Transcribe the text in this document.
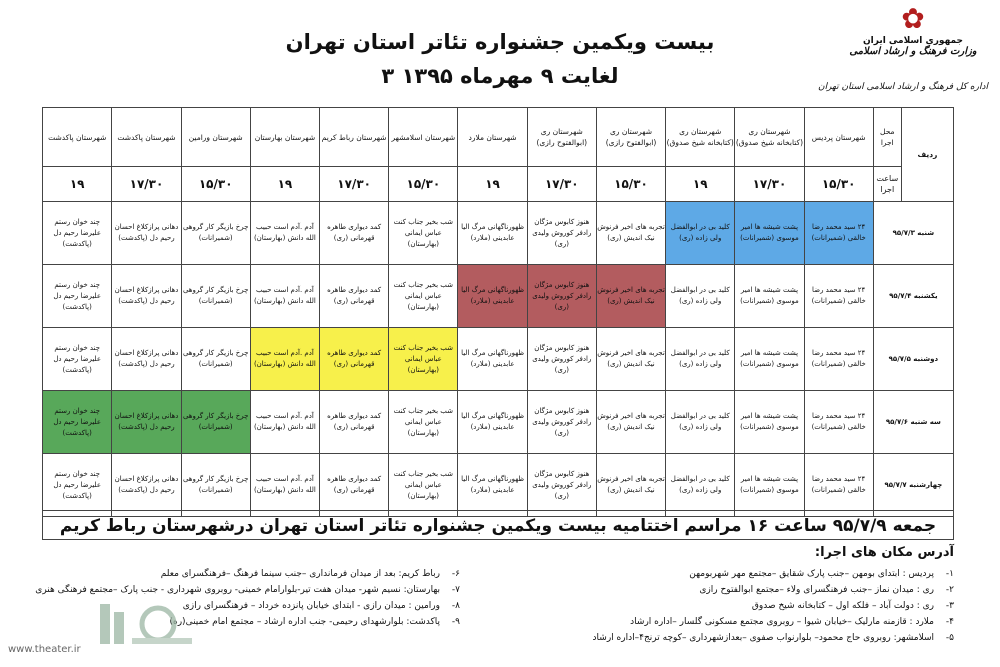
✿
جمهوری اسلامی ایران
وزارت فرهنگ و ارشاد اسلامی
اداره کل فرهنگ و ارشاد اسلامی استان تهران
بیست ویکمین جشنواره تئاتر استان تهران
۳ لغایت ۹ مهرماه ۱۳۹۵
ردیف	محل اجرا	شهرستان پردیس	شهرستان ری (کتابخانه شیخ صدوق)	شهرستان ری (کتابخانه شیخ صدوق)	شهرستان ری (ابوالفتوح رازی)	شهرستان ری (ابوالفتوح رازی)	شهرستان ملارد	شهرستان اسلامشهر	شهرستان رباط کریم	شهرستان بهارستان	شهرستان ورامین	شهرستان پاکدشت	شهرستان پاکدشت
	ساعت اجرا	۱۵/۳۰	۱۷/۳۰	۱۹	۱۵/۳۰	۱۷/۳۰	۱۹	۱۵/۳۰	۱۷/۳۰	۱۹	۱۵/۳۰	۱۷/۳۰	۱۹
شنبه ۹۵/۷/۳		۲۴ سید محمد رضا خالقی (شمیرانات)	پشت شیشه ها امیر موسوی (شمیرانات)	کلید بی در ابوالفضل ولی زاده (ری)	تجربه های اخیر فرنوش نیک اندیش (ری)	هنوز کابوس مژگان رادفر کوروش ولیدی (ری)	ظهورناگهانی مرگ الیا عابدینی (ملارد)	شب بخیر جناب کنت عباس ایمانی (بهارستان)	کمد دیواری طاهره قهرمانی (ری)	آدم .آدم است حبیب الله دانش (بهارستان)	چرخ بازیگر کار گروهی (شمیرانات)	دهانی پرازکلاغ احسان رحیم دل (پاکدشت)	چند خوان رستم علیرضا رحیم دل (پاکدشت)
یکشنبه ۹۵/۷/۴		۲۴ سید محمد رضا خالقی (شمیرانات)	پشت شیشه ها امیر موسوی (شمیرانات)	کلید بی در ابوالفضل ولی زاده (ری)	تجربه های اخیر فرنوش نیک اندیش (ری)	هنوز کابوس مژگان رادفر کوروش ولیدی (ری)	ظهورناگهانی مرگ الیا عابدینی (ملارد)	شب بخیر جناب کنت عباس ایمانی (بهارستان)	کمد دیواری طاهره قهرمانی (ری)	آدم .آدم است حبیب الله دانش (بهارستان)	چرخ بازیگر کار گروهی (شمیرانات)	دهانی پرازکلاغ احسان رحیم دل (پاکدشت)	چند خوان رستم علیرضا رحیم دل (پاکدشت)
دوشنبه ۹۵/۷/۵		۲۴ سید محمد رضا خالقی (شمیرانات)	پشت شیشه ها امیر موسوی (شمیرانات)	کلید بی در ابوالفضل ولی زاده (ری)	تجربه های اخیر فرنوش نیک اندیش (ری)	هنوز کابوس مژگان رادفر کوروش ولیدی (ری)	ظهورناگهانی مرگ الیا عابدینی (ملارد)	شب بخیر جناب کنت عباس ایمانی (بهارستان)	کمد دیواری طاهره قهرمانی (ری)	آدم .آدم است حبیب الله دانش (بهارستان)	چرخ بازیگر کار گروهی (شمیرانات)	دهانی پرازکلاغ احسان رحیم دل (پاکدشت)	چند خوان رستم علیرضا رحیم دل (پاکدشت)
سه شنبه ۹۵/۷/۶		۲۴ سید محمد رضا خالقی (شمیرانات)	پشت شیشه ها امیر موسوی (شمیرانات)	کلید بی در ابوالفضل ولی زاده (ری)	تجربه های اخیر فرنوش نیک اندیش (ری)	هنوز کابوس مژگان رادفر کوروش ولیدی (ری)	ظهورناگهانی مرگ الیا عابدینی (ملارد)	شب بخیر جناب کنت عباس ایمانی (بهارستان)	کمد دیواری طاهره قهرمانی (ری)	آدم .آدم است حبیب الله دانش (بهارستان)	چرخ بازیگر کار گروهی (شمیرانات)	دهانی پرازکلاغ احسان رحیم دل (پاکدشت)	چند خوان رستم علیرضا رحیم دل (پاکدشت)
چهارشنبه ۹۵/۷/۷		۲۴ سید محمد رضا خالقی (شمیرانات)	پشت شیشه ها امیر موسوی (شمیرانات)	کلید بی در ابوالفضل ولی زاده (ری)	تجربه های اخیر فرنوش نیک اندیش (ری)	هنوز کابوس مژگان رادفر کوروش ولیدی (ری)	ظهورناگهانی مرگ الیا عابدینی (ملارد)	شب بخیر جناب کنت عباس ایمانی (بهارستان)	کمد دیواری طاهره قهرمانی (ری)	آدم .آدم است حبیب الله دانش (بهارستان)	چرخ بازیگر کار گروهی (شمیرانات)	دهانی پرازکلاغ احسان رحیم دل (پاکدشت)	چند خوان رستم علیرضا رحیم دل (پاکدشت)
جمعه ۹۵/۷/۹ ساعت ۱۶ مراسم اختتامیه بیست ویکمین جشنواره تئاتر استان تهران درشهرستان رباط کریم
آدرس مکان های اجرا:
۱-پردیس : ابتدای بومهن –جنب پارک شقایق –مجتمع مهر شهربومهن
۲-ری : میدان نماز –جنب فرهنگسرای ولاء –مجتمع ابوالفتوح رازی
۳-ری : دولت آباد – فلکه اول – کتابخانه شیخ صدوق
۴-ملارد : قازمنه مارلیک –خیابان شیوا – روبروی مجتمع مسکونی گلسار –اداره ارشاد
۵-اسلامشهر: روبروی حاج محمود– بلوارنواب صفوی –بعدازشهرداری –کوچه ترنج۴–اداره ارشاد
۶-رباط کریم: بعد از میدان فرمانداری –جنب سینما فرهنگ –فرهنگسرای معلم
۷-بهارستان: نسیم شهر- میدان هفت تیر-بلوارامام خمینی- روبروی شهرداری - جنب پارک –مجتمع فرهنگی هنری
۸-ورامین : میدان رازی - ابتدای خیابان پانزده خرداد – فرهنگسرای رازی
۹-پاکدشت: بلوارشهدای رحیمی- جنب اداره ارشاد – مجتمع امام خمینی(ره)
www.theater.ir
